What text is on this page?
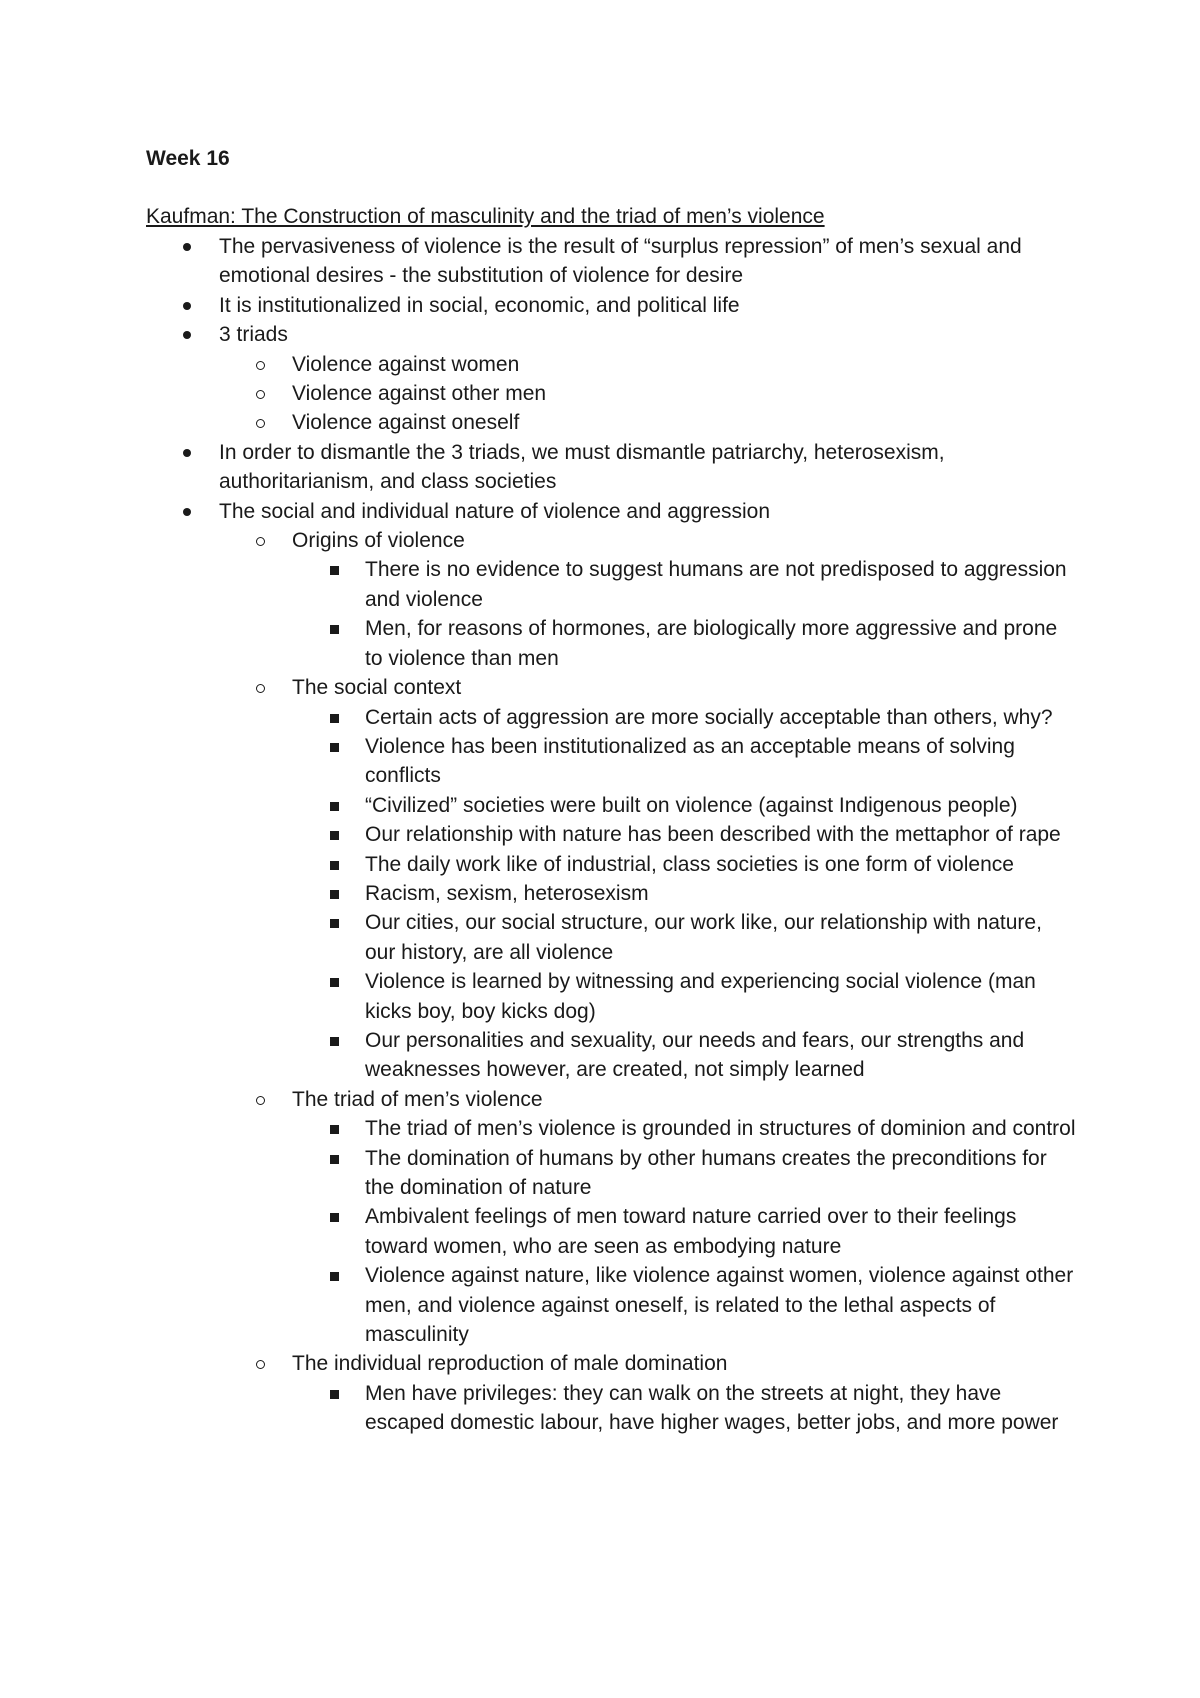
Week 16
Kaufman: The Construction of masculinity and the triad of men’s violence
The pervasiveness of violence is the result of “surplus repression” of men’s sexual and emotional desires - the substitution of violence for desire
It is institutionalized in social, economic, and political life
3 triads
Violence against women
Violence against other men
Violence against oneself
In order to dismantle the 3 triads, we must dismantle patriarchy, heterosexism, authoritarianism, and class societies
The social and individual nature of violence and aggression
Origins of violence
There is no evidence to suggest humans are not predisposed to aggression and violence
Men, for reasons of hormones, are biologically more aggressive and prone to violence than men
The social context
Certain acts of aggression are more socially acceptable than others, why?
Violence has been institutionalized as an acceptable means of solving conflicts
“Civilized” societies were built on violence (against Indigenous people)
Our relationship with nature has been described with the mettaphor of rape
The daily work like of industrial, class societies is one form of violence
Racism, sexism, heterosexism
Our cities, our social structure, our work like, our relationship with nature, our history, are all violence
Violence is learned by witnessing and experiencing social violence (man kicks boy, boy kicks dog)
Our personalities and sexuality, our needs and fears, our strengths and weaknesses however, are created, not simply learned
The triad of men’s violence
The triad of men’s violence is grounded in structures of dominion and control
The domination of humans by other humans creates the preconditions for the domination of nature
Ambivalent feelings of men toward nature carried over to their feelings toward women, who are seen as embodying nature
Violence against nature, like violence against women, violence against other men, and violence against oneself, is related to the lethal aspects of masculinity
The individual reproduction of male domination
Men have privileges: they can walk on the streets at night, they have escaped domestic labour, have higher wages, better jobs, and more power
